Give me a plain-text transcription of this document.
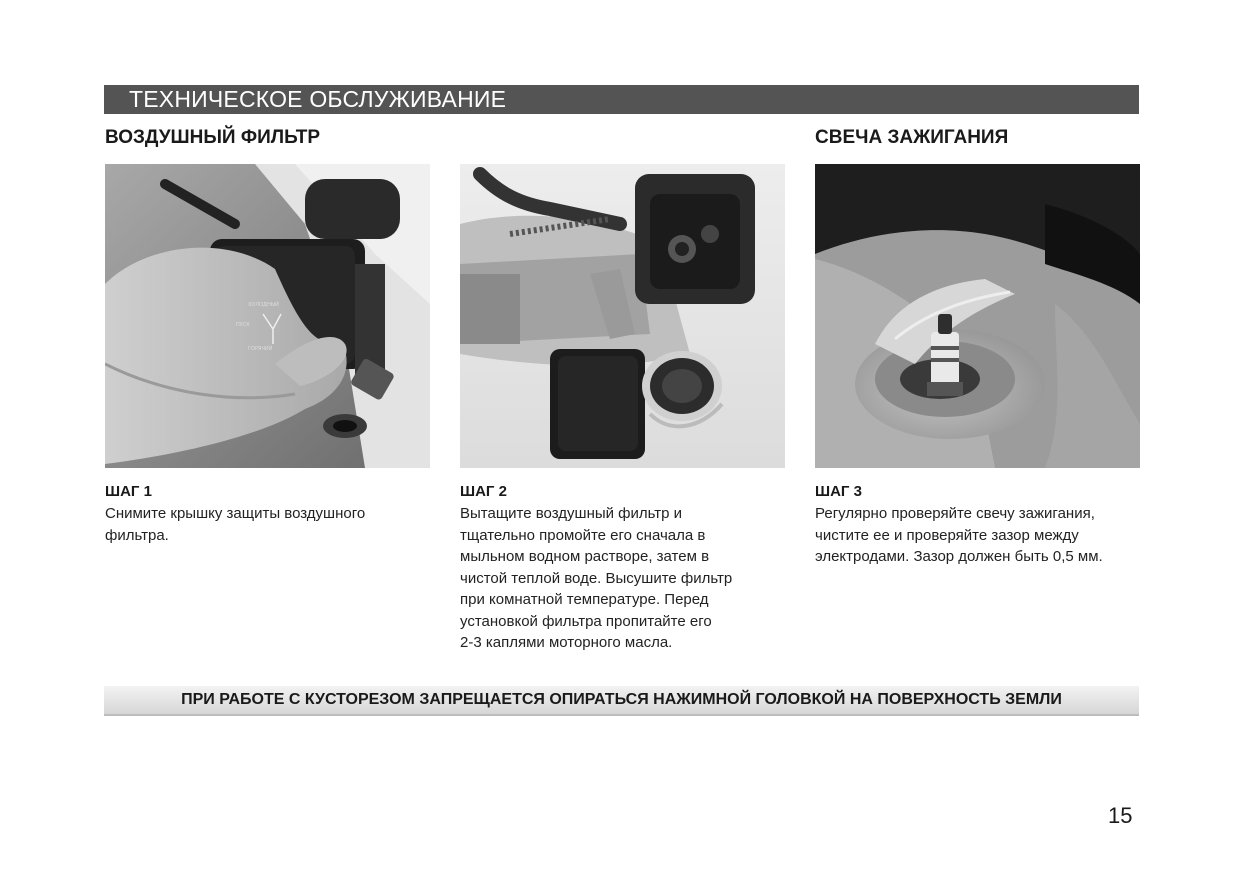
ТЕХНИЧЕСКОЕ ОБСЛУЖИВАНИЕ
ВОЗДУШНЫЙ ФИЛЬТР	СВЕЧА ЗАЖИГАНИЯ
ХОЛОДНЫЙ
ПУСК
ГОРЯЧИЙ
ШАГ 1
Снимите крышку защиты воздушного
фильтра.
ШАГ 2
Вытащите воздушный фильтр и
тщательно промойте его сначала в
мыльном водном растворе, затем в
чистой теплой воде. Высушите фильтр
при комнатной температуре. Перед
установкой фильтра пропитайте его
2-3 каплями моторного масла.
ШАГ 3
Регулярно проверяйте свечу зажигания,
чистите ее и проверяйте зазор между
электродами. Зазор должен быть 0,5 мм.
ПРИ РАБОТЕ С КУСТОРЕЗОМ ЗАПРЕЩАЕТСЯ ОПИРАТЬСЯ НАЖИМНОЙ ГОЛОВКОЙ НА ПОВЕРХНОСТЬ ЗЕМЛИ
15
